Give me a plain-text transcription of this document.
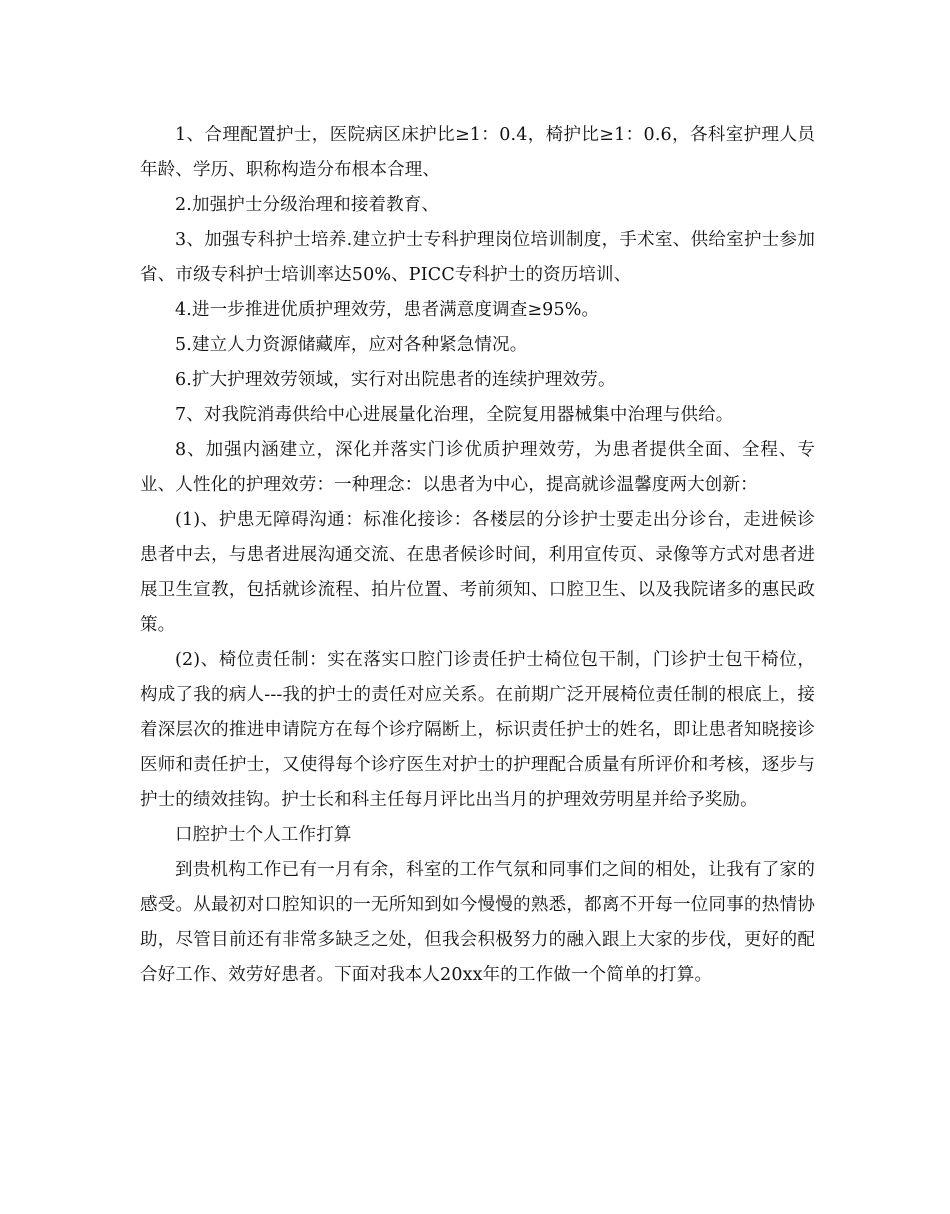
1、合理配置护士，医院病区床护比≥1：0.4，椅护比≥1：0.6，各科室护理人员年龄、学历、职称构造分布根本合理、

2.加强护士分级治理和接着教育、

3、加强专科护士培养.建立护士专科护理岗位培训制度，手术室、供给室护士参加省、市级专科护士培训率达50%、PICC专科护士的资历培训、

4.进一步推进优质护理效劳，患者满意度调查≥95%。

5.建立人力资源储藏库，应对各种紧急情况。

6.扩大护理效劳领域，实行对出院患者的连续护理效劳。

7、对我院消毒供给中心进展量化治理，全院复用器械集中治理与供给。

8、加强内涵建立，深化并落实门诊优质护理效劳，为患者提供全面、全程、专业、人性化的护理效劳：一种理念：以患者为中心，提高就诊温馨度两大创新：

(1)、护患无障碍沟通：标准化接诊：各楼层的分诊护士要走出分诊台，走进候诊患者中去，与患者进展沟通交流、在患者候诊时间，利用宣传页、录像等方式对患者进展卫生宣教，包括就诊流程、拍片位置、考前须知、口腔卫生、以及我院诸多的惠民政策。

(2)、椅位责任制：实在落实口腔门诊责任护士椅位包干制，门诊护士包干椅位，构成了我的病人---我的护士的责任对应关系。在前期广泛开展椅位责任制的根底上，接着深层次的推进申请院方在每个诊疗隔断上，标识责任护士的姓名，即让患者知晓接诊医师和责任护士，又使得每个诊疗医生对护士的护理配合质量有所评价和考核，逐步与护士的绩效挂钩。护士长和科主任每月评比出当月的护理效劳明星并给予奖励。

口腔护士个人工作打算

到贵机构工作已有一月有余，科室的工作气氛和同事们之间的相处，让我有了家的感受。从最初对口腔知识的一无所知到如今慢慢的熟悉，都离不开每一位同事的热情协助，尽管目前还有非常多缺乏之处，但我会积极努力的融入跟上大家的步伐，更好的配合好工作、效劳好患者。下面对我本人20xx年的工作做一个简单的打算。
